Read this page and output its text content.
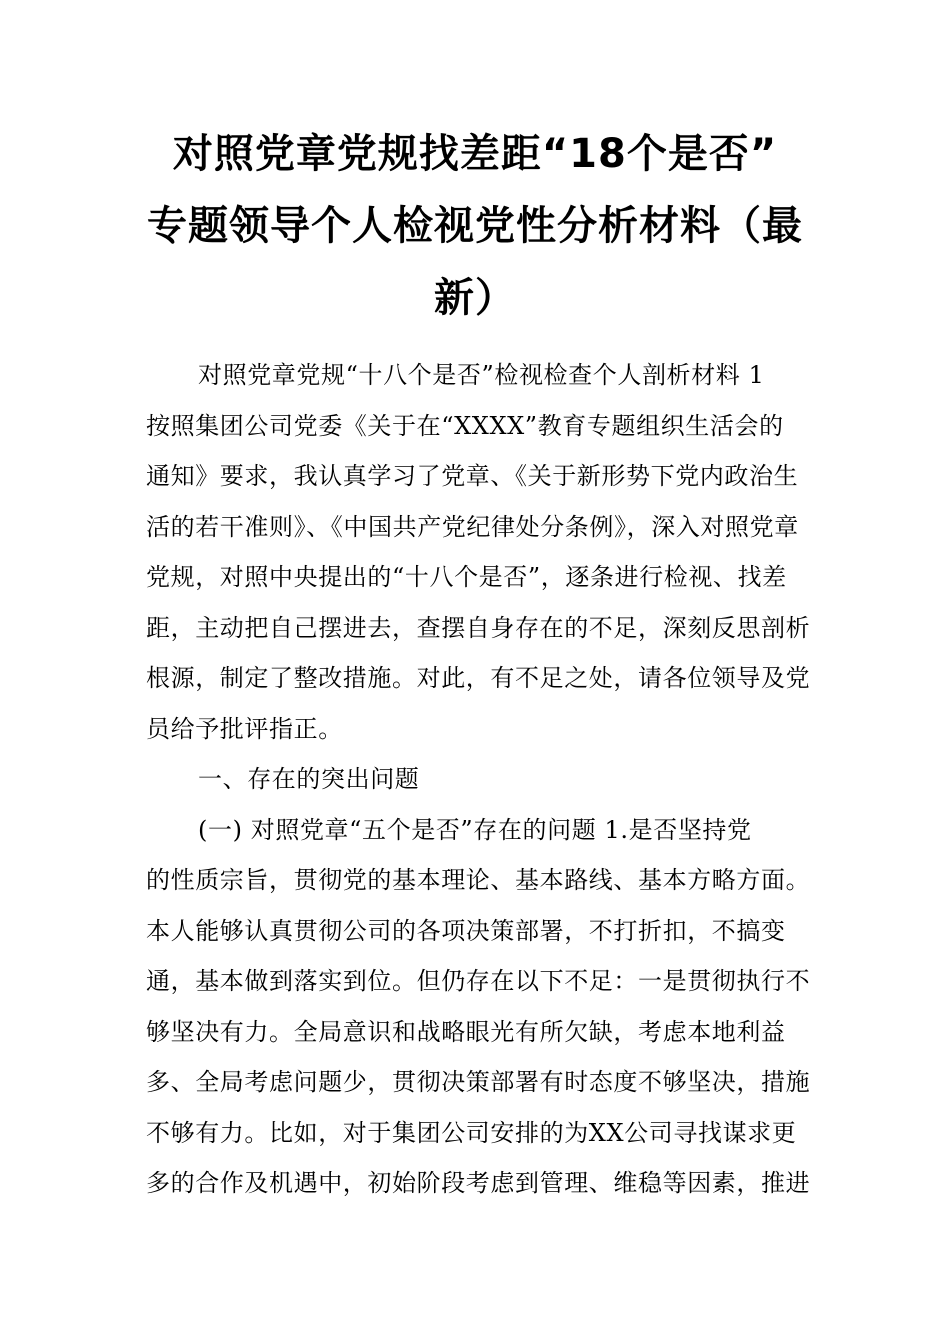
对照党章党规找差距“18个是否”
专题领导个人检视党性分析材料（最
新）
对照党章党规“十八个是否”检视检查个人剖析材料 1
按照集团公司党委《关于在“XXXX”教育专题组织生活会的
通知》要求，我认真学习了党章、《关于新形势下党内政治生
活的若干准则》、《中国共产党纪律处分条例》，深入对照党章
党规，对照中央提出的“十八个是否”，逐条进行检视、找差
距，主动把自己摆进去，查摆自身存在的不足，深刻反思剖析
根源，制定了整改措施。对此，有不足之处，请各位领导及党
员给予批评指正。
一、存在的突出问题
(一) 对照党章“五个是否”存在的问题 1.是否坚持党
的性质宗旨，贯彻党的基本理论、基本路线、基本方略方面。
本人能够认真贯彻公司的各项决策部署，不打折扣，不搞变
通，基本做到落实到位。但仍存在以下不足：一是贯彻执行不
够坚决有力。全局意识和战略眼光有所欠缺，考虑本地利益
多、全局考虑问题少，贯彻决策部署有时态度不够坚决，措施
不够有力。比如，对于集团公司安排的为XX公司寻找谋求更
多的合作及机遇中，初始阶段考虑到管理、维稳等因素，推进
